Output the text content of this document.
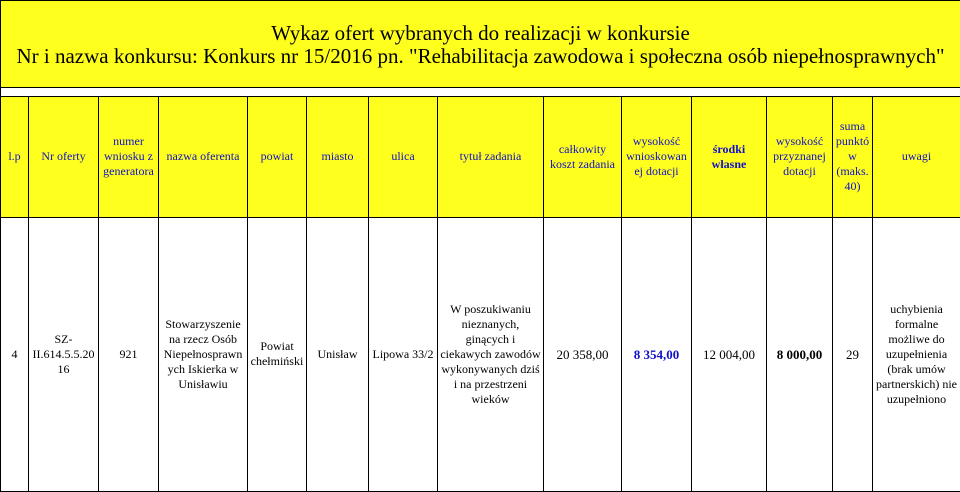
Wykaz ofert wybranych do realizacji w konkursie
Nr i nazwa konkursu: Konkurs nr 15/2016 pn. "Rehabilitacja zawodowa i społeczna osób niepełnosprawnych"													

l.p	Nr oferty	numer wniosku z generatora	nazwa oferenta	powiat	miasto	ulica	tytuł zadania	całkowity koszt zadania	wysokość wnioskowanej dotacji	środki własne	wysokość przyznanej dotacji	suma punktów (maks.40)	uwagi
4	SZ-II.614.5.5.2016	921	Stowarzyszenie na rzecz Osób Niepełnosprawnych Iskierka w Unisławiu	Powiat chełmiński	Unisław	Lipowa 33/2	W poszukiwaniu nieznanych, ginących i ciekawych zawodów wykonywanych dziś i na przestrzeni wieków	20 358,00	8 354,00	12 004,00	8 000,00	29	uchybienia formalne możliwe do uzupełnienia (brak umów partnerskich) nie uzupełniono
